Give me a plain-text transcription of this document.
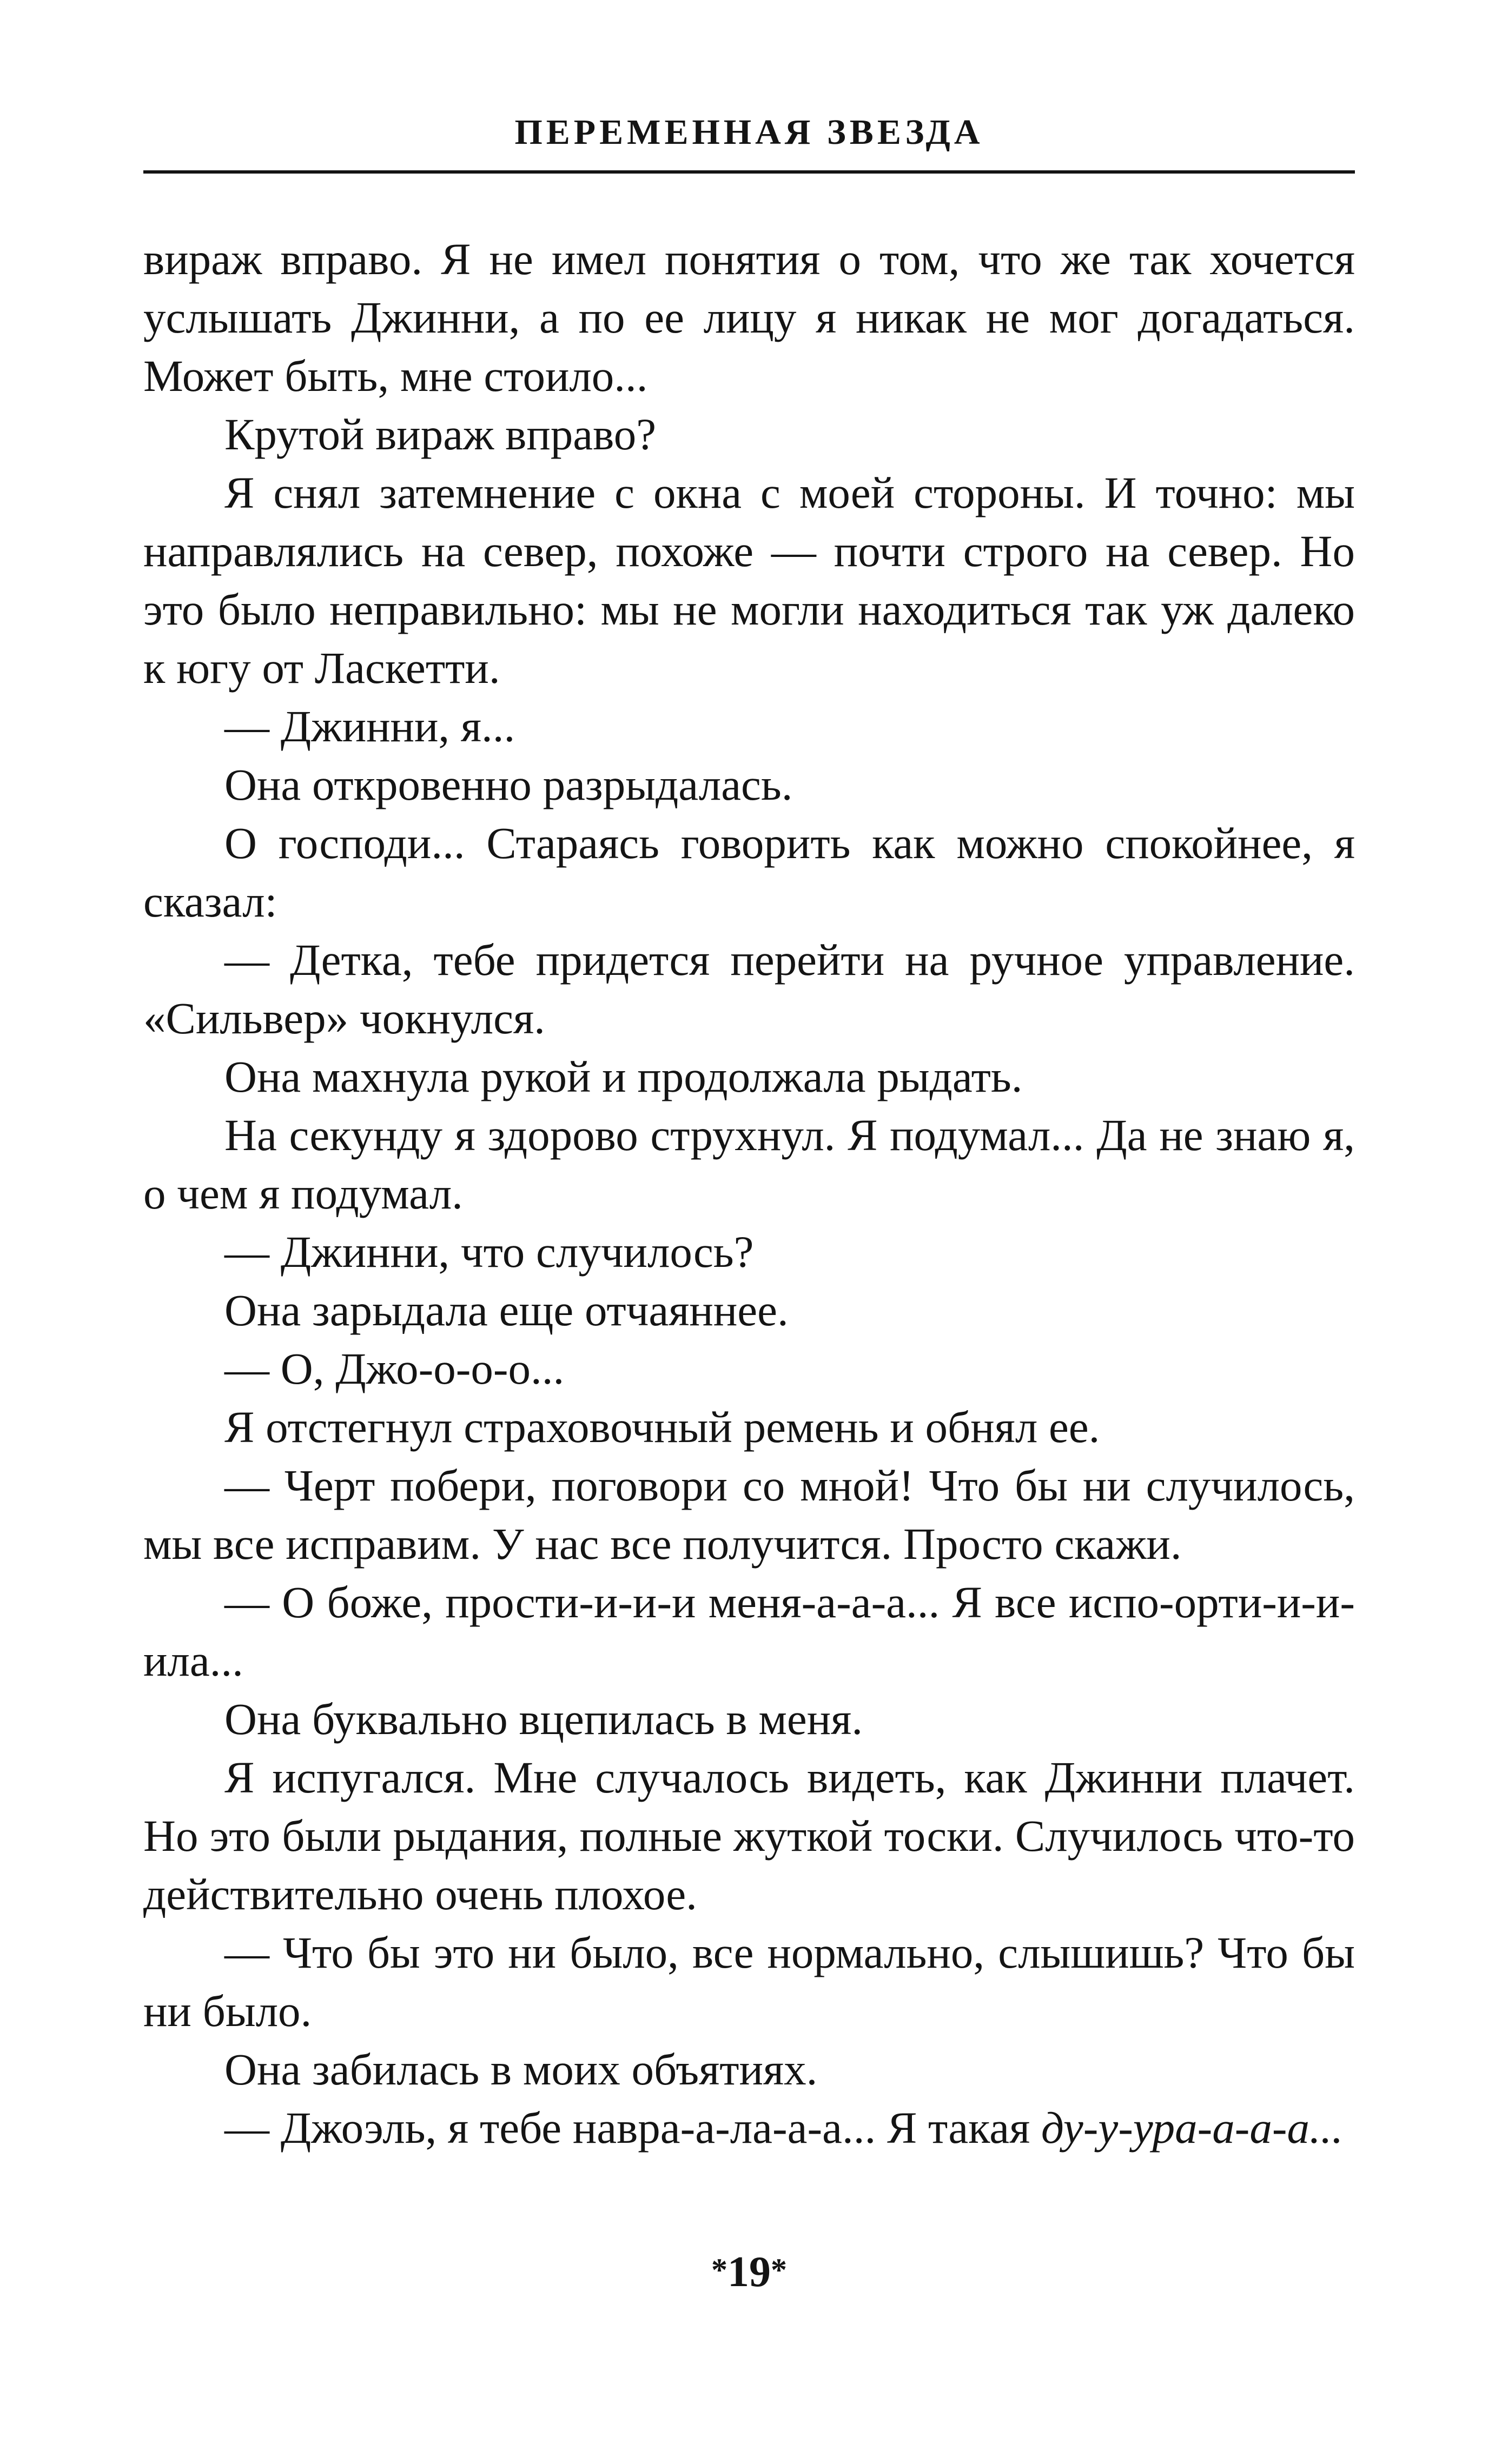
ПЕРЕМЕННАЯ ЗВЕЗДА

вираж вправо. Я не имел понятия о том, что же так хочется услышать Джинни, а по ее лицу я никак не мог догадаться. Может быть, мне стоило...

Крутой вираж вправо?

Я снял затемнение с окна с моей стороны. И точно: мы направлялись на север, похоже — почти строго на север. Но это было неправильно: мы не могли находиться так уж далеко к югу от Ласкетти.

— Джинни, я...

Она откровенно разрыдалась.

О господи... Стараясь говорить как можно спокойнее, я сказал:

— Детка, тебе придется перейти на ручное управление. «Сильвер» чокнулся.

Она махнула рукой и продолжала рыдать.

На секунду я здорово струхнул. Я подумал... Да не знаю я, о чем я подумал.

— Джинни, что случилось?

Она зарыдала еще отчаяннее.

— О, Джо-о-о-о...

Я отстегнул страховочный ремень и обнял ее.

— Черт побери, поговори со мной! Что бы ни случилось, мы все исправим. У нас все получится. Просто скажи.

— О боже, прости-и-и-и меня-а-а-а... Я все испо-орти-и-и-ила...

Она буквально вцепилась в меня.

Я испугался. Мне случалось видеть, как Джинни плачет. Но это были рыдания, полные жуткой тоски. Случилось что-то действительно очень плохое.

— Что бы это ни было, все нормально, слышишь? Что бы ни было.

Она забилась в моих объятиях.

— Джоэль, я тебе навра-а-ла-а-а... Я такая ду-у-ура-а-а-а...

*19*
